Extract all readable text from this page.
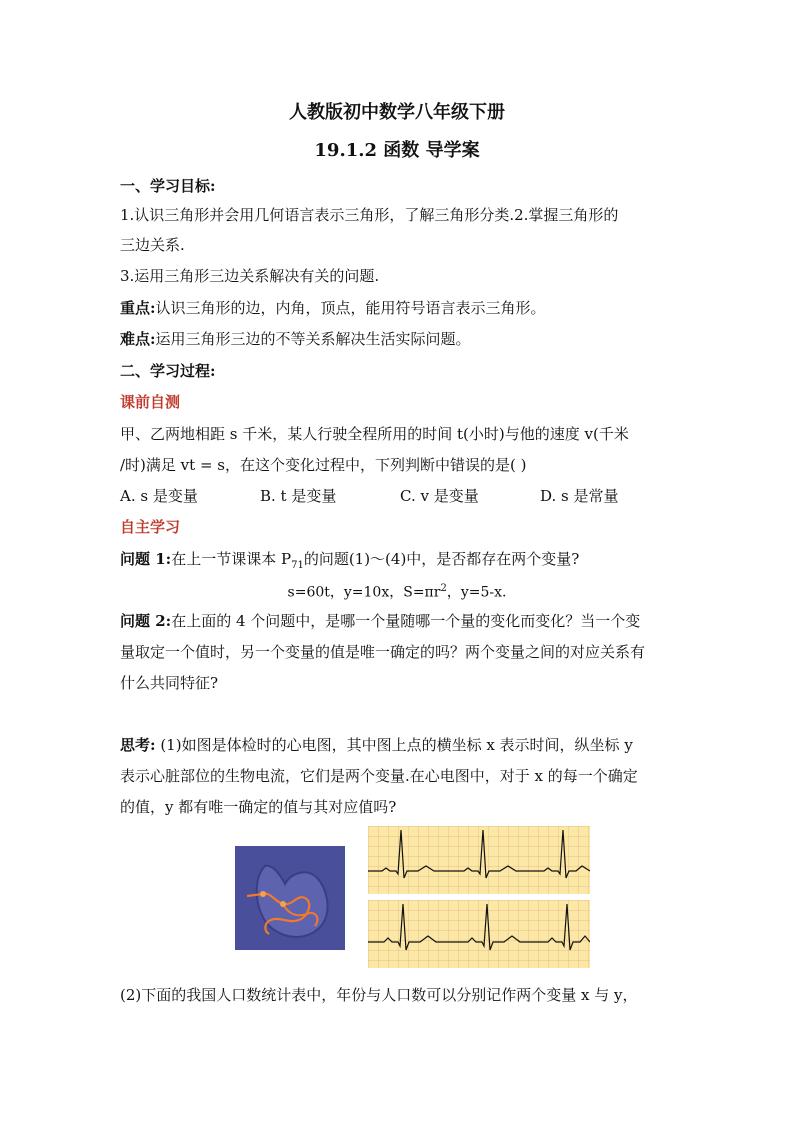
人教版初中数学八年级下册
19.1.2 函数 导学案
一、学习目标:
1.认识三角形并会用几何语言表示三角形，了解三角形分类.2.掌握三角形的
三边关系.
3.运用三角形三边关系解决有关的问题.
重点:认识三角形的边，内角，顶点，能用符号语言表示三角形。
难点:运用三角形三边的不等关系解决生活实际问题。
二、学习过程:
课前自测
甲、乙两地相距 s 千米，某人行驶全程所用的时间 t(小时)与他的速度 v(千米
/时)满足 vt = s，在这个变化过程中，下列判断中错误的是( )
A. s 是变量	B. t 是变量	C. v 是变量	D. s 是常量
自主学习
问题 1:在上一节课课本 $P_{71}$的问题(1)～(4)中，是否都存在两个变量?
s=60t，y=10x，$S=\pi r^2$，y=5-x.
问题 2:在上面的 4 个问题中，是哪一个量随哪一个量的变化而变化？当一个变
量取定一个值时，另一个变量的值是唯一确定的吗？两个变量之间的对应关系有
什么共同特征?
思考: (1)如图是体检时的心电图，其中图上点的横坐标 x 表示时间，纵坐标 y
表示心脏部位的生物电流，它们是两个变量.在心电图中，对于 x 的每一个确定
的值，y 都有唯一确定的值与其对应值吗?
(2)下面的我国人口数统计表中，年份与人口数可以分别记作两个变量 x 与 y，
